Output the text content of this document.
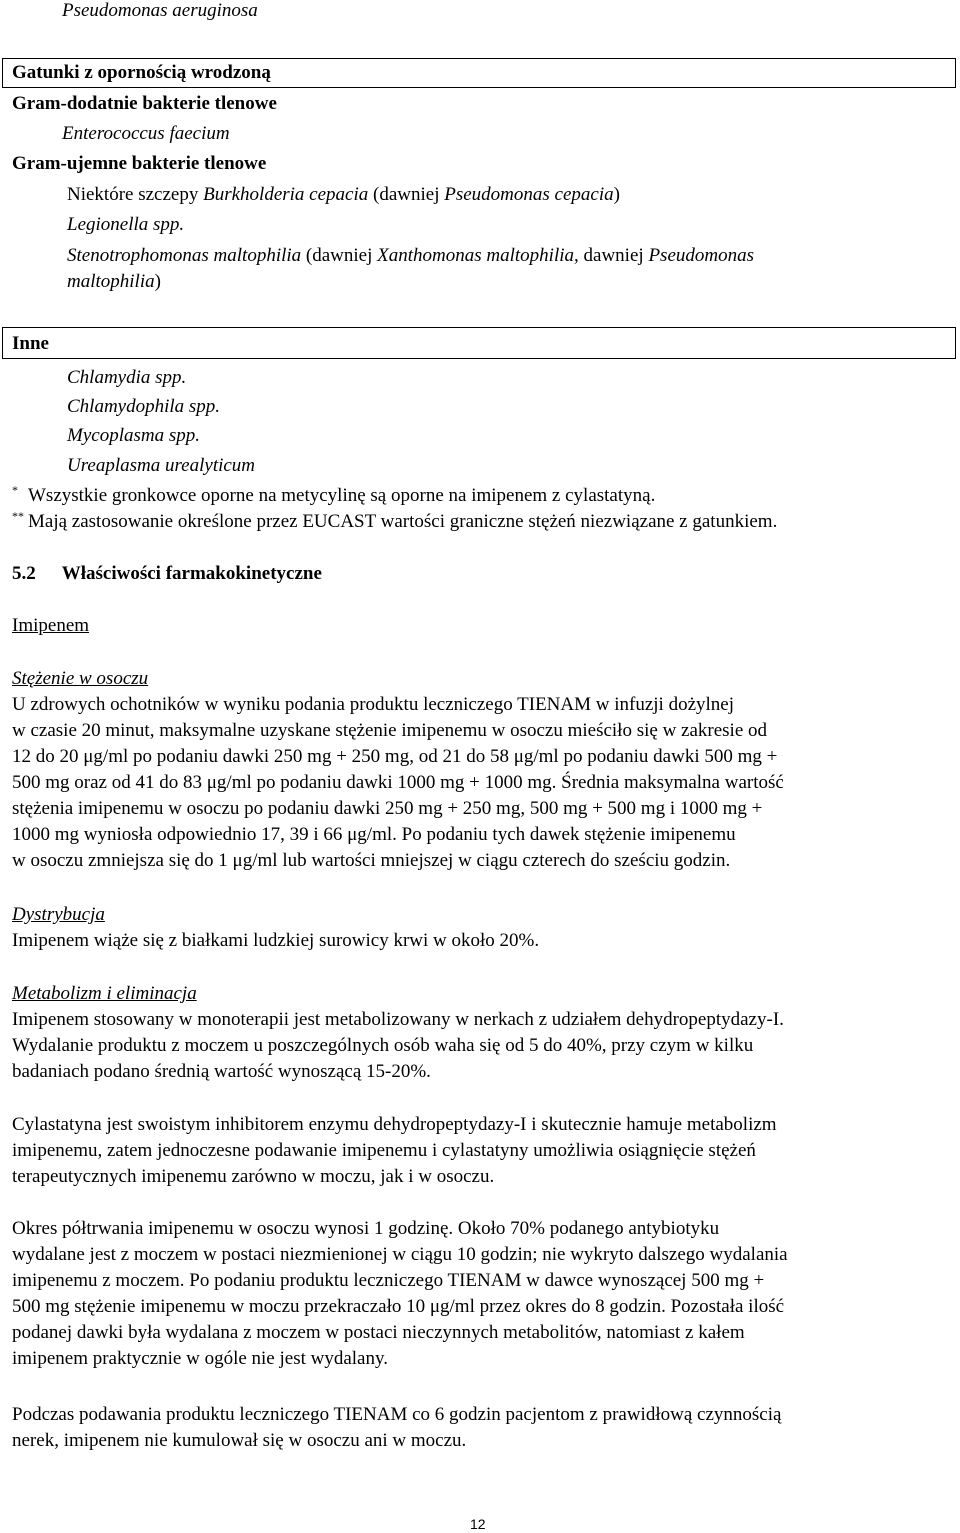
Pseudomonas aeruginosa
Gatunki z opornością wrodzoną
Gram-dodatnie bakterie tlenowe
Enterococcus faecium
Gram-ujemne bakterie tlenowe
Niektóre szczepy Burkholderia cepacia (dawniej Pseudomonas cepacia)
Legionella spp.
Stenotrophomonas maltophilia (dawniej Xanthomonas maltophilia, dawniej Pseudomonas
maltophilia)
Inne
Chlamydia spp.
Chlamydophila spp.
Mycoplasma spp.
Ureaplasma urealyticum
* Wszystkie gronkowce oporne na metycylinę są oporne na imipenem z cylastatyną.
** Mają zastosowanie określone przez EUCAST wartości graniczne stężeń niezwiązane z gatunkiem.
5.2 Właściwości farmakokinetyczne
Imipenem
Stężenie w osoczu
U zdrowych ochotników w wyniku podania produktu leczniczego TIENAM w infuzji dożylnej
w czasie 20 minut, maksymalne uzyskane stężenie imipenemu w osoczu mieściło się w zakresie od
12 do 20 μg/ml po podaniu dawki 250 mg + 250 mg, od 21 do 58 μg/ml po podaniu dawki 500 mg +
500 mg oraz od 41 do 83 μg/ml po podaniu dawki 1000 mg + 1000 mg. Średnia maksymalna wartość
stężenia imipenemu w osoczu po podaniu dawki 250 mg + 250 mg, 500 mg + 500 mg i 1000 mg +
1000 mg wyniosła odpowiednio 17, 39 i 66 μg/ml. Po podaniu tych dawek stężenie imipenemu
w osoczu zmniejsza się do 1 μg/ml lub wartości mniejszej w ciągu czterech do sześciu godzin.
Dystrybucja
Imipenem wiąże się z białkami ludzkiej surowicy krwi w około 20%.
Metabolizm i eliminacja
Imipenem stosowany w monoterapii jest metabolizowany w nerkach z udziałem dehydropeptydazy-I.
Wydalanie produktu z moczem u poszczególnych osób waha się od 5 do 40%, przy czym w kilku
badaniach podano średnią wartość wynoszącą 15-20%.
Cylastatyna jest swoistym inhibitorem enzymu dehydropeptydazy-I i skutecznie hamuje metabolizm
imipenemu, zatem jednoczesne podawanie imipenemu i cylastatyny umożliwia osiągnięcie stężeń
terapeutycznych imipenemu zarówno w moczu, jak i w osoczu.
Okres półtrwania imipenemu w osoczu wynosi 1 godzinę. Około 70% podanego antybiotyku
wydalane jest z moczem w postaci niezmienionej w ciągu 10 godzin; nie wykryto dalszego wydalania
imipenemu z moczem. Po podaniu produktu leczniczego TIENAM w dawce wynoszącej 500 mg +
500 mg stężenie imipenemu w moczu przekraczało 10 μg/ml przez okres do 8 godzin. Pozostała ilość
podanej dawki była wydalana z moczem w postaci nieczynnych metabolitów, natomiast z kałem
imipenem praktycznie w ogóle nie jest wydalany.
Podczas podawania produktu leczniczego TIENAM co 6 godzin pacjentom z prawidłową czynnością
nerek, imipenem nie kumulował się w osoczu ani w moczu.
12
